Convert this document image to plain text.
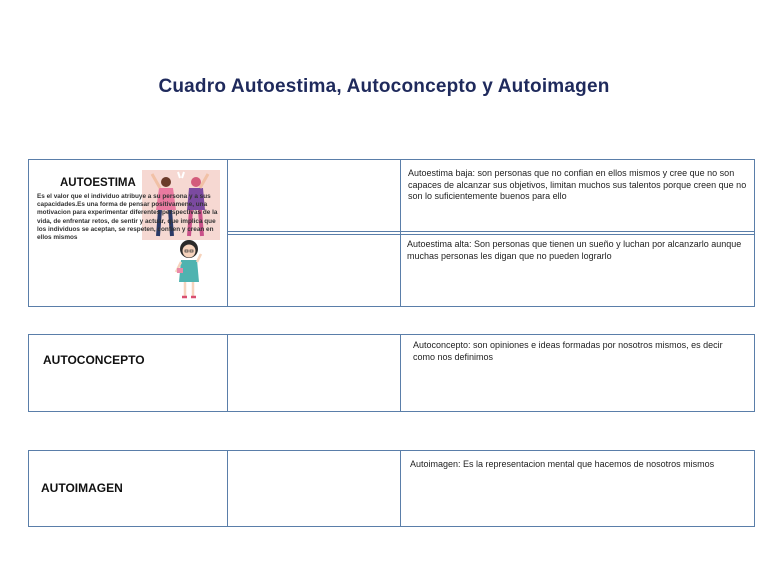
Cuadro Autoestima, Autoconcepto y Autoimagen
AUTOESTIMA
Es el valor que el individuo atribuye a su persona y a sus capacidades.Es una forma de pensar positivamene, una motivacion para experimentar diferentes perspectivas de la vida, de enfrentar retos, de sentir y actuar, que implica que los individuos se aceptan, se respeten, confien y crean en ellos mismos
Autoestima baja: son personas que no confian en ellos mismos y cree que no son capaces de alcanzar sus objetivos, limitan muchos sus talentos porque creen que no son lo suficientemente buenos para ello
Autoestima alta: Son personas que tienen un sueño y luchan por alcanzarlo aunque muchas personas les digan que no pueden lograrlo
AUTOCONCEPTO
Autoconcepto: son opiniones e ideas formadas por nosotros mismos, es decir como nos definimos
AUTOIMAGEN
Autoimagen: Es la representacion mental que hacemos de nosotros mismos
